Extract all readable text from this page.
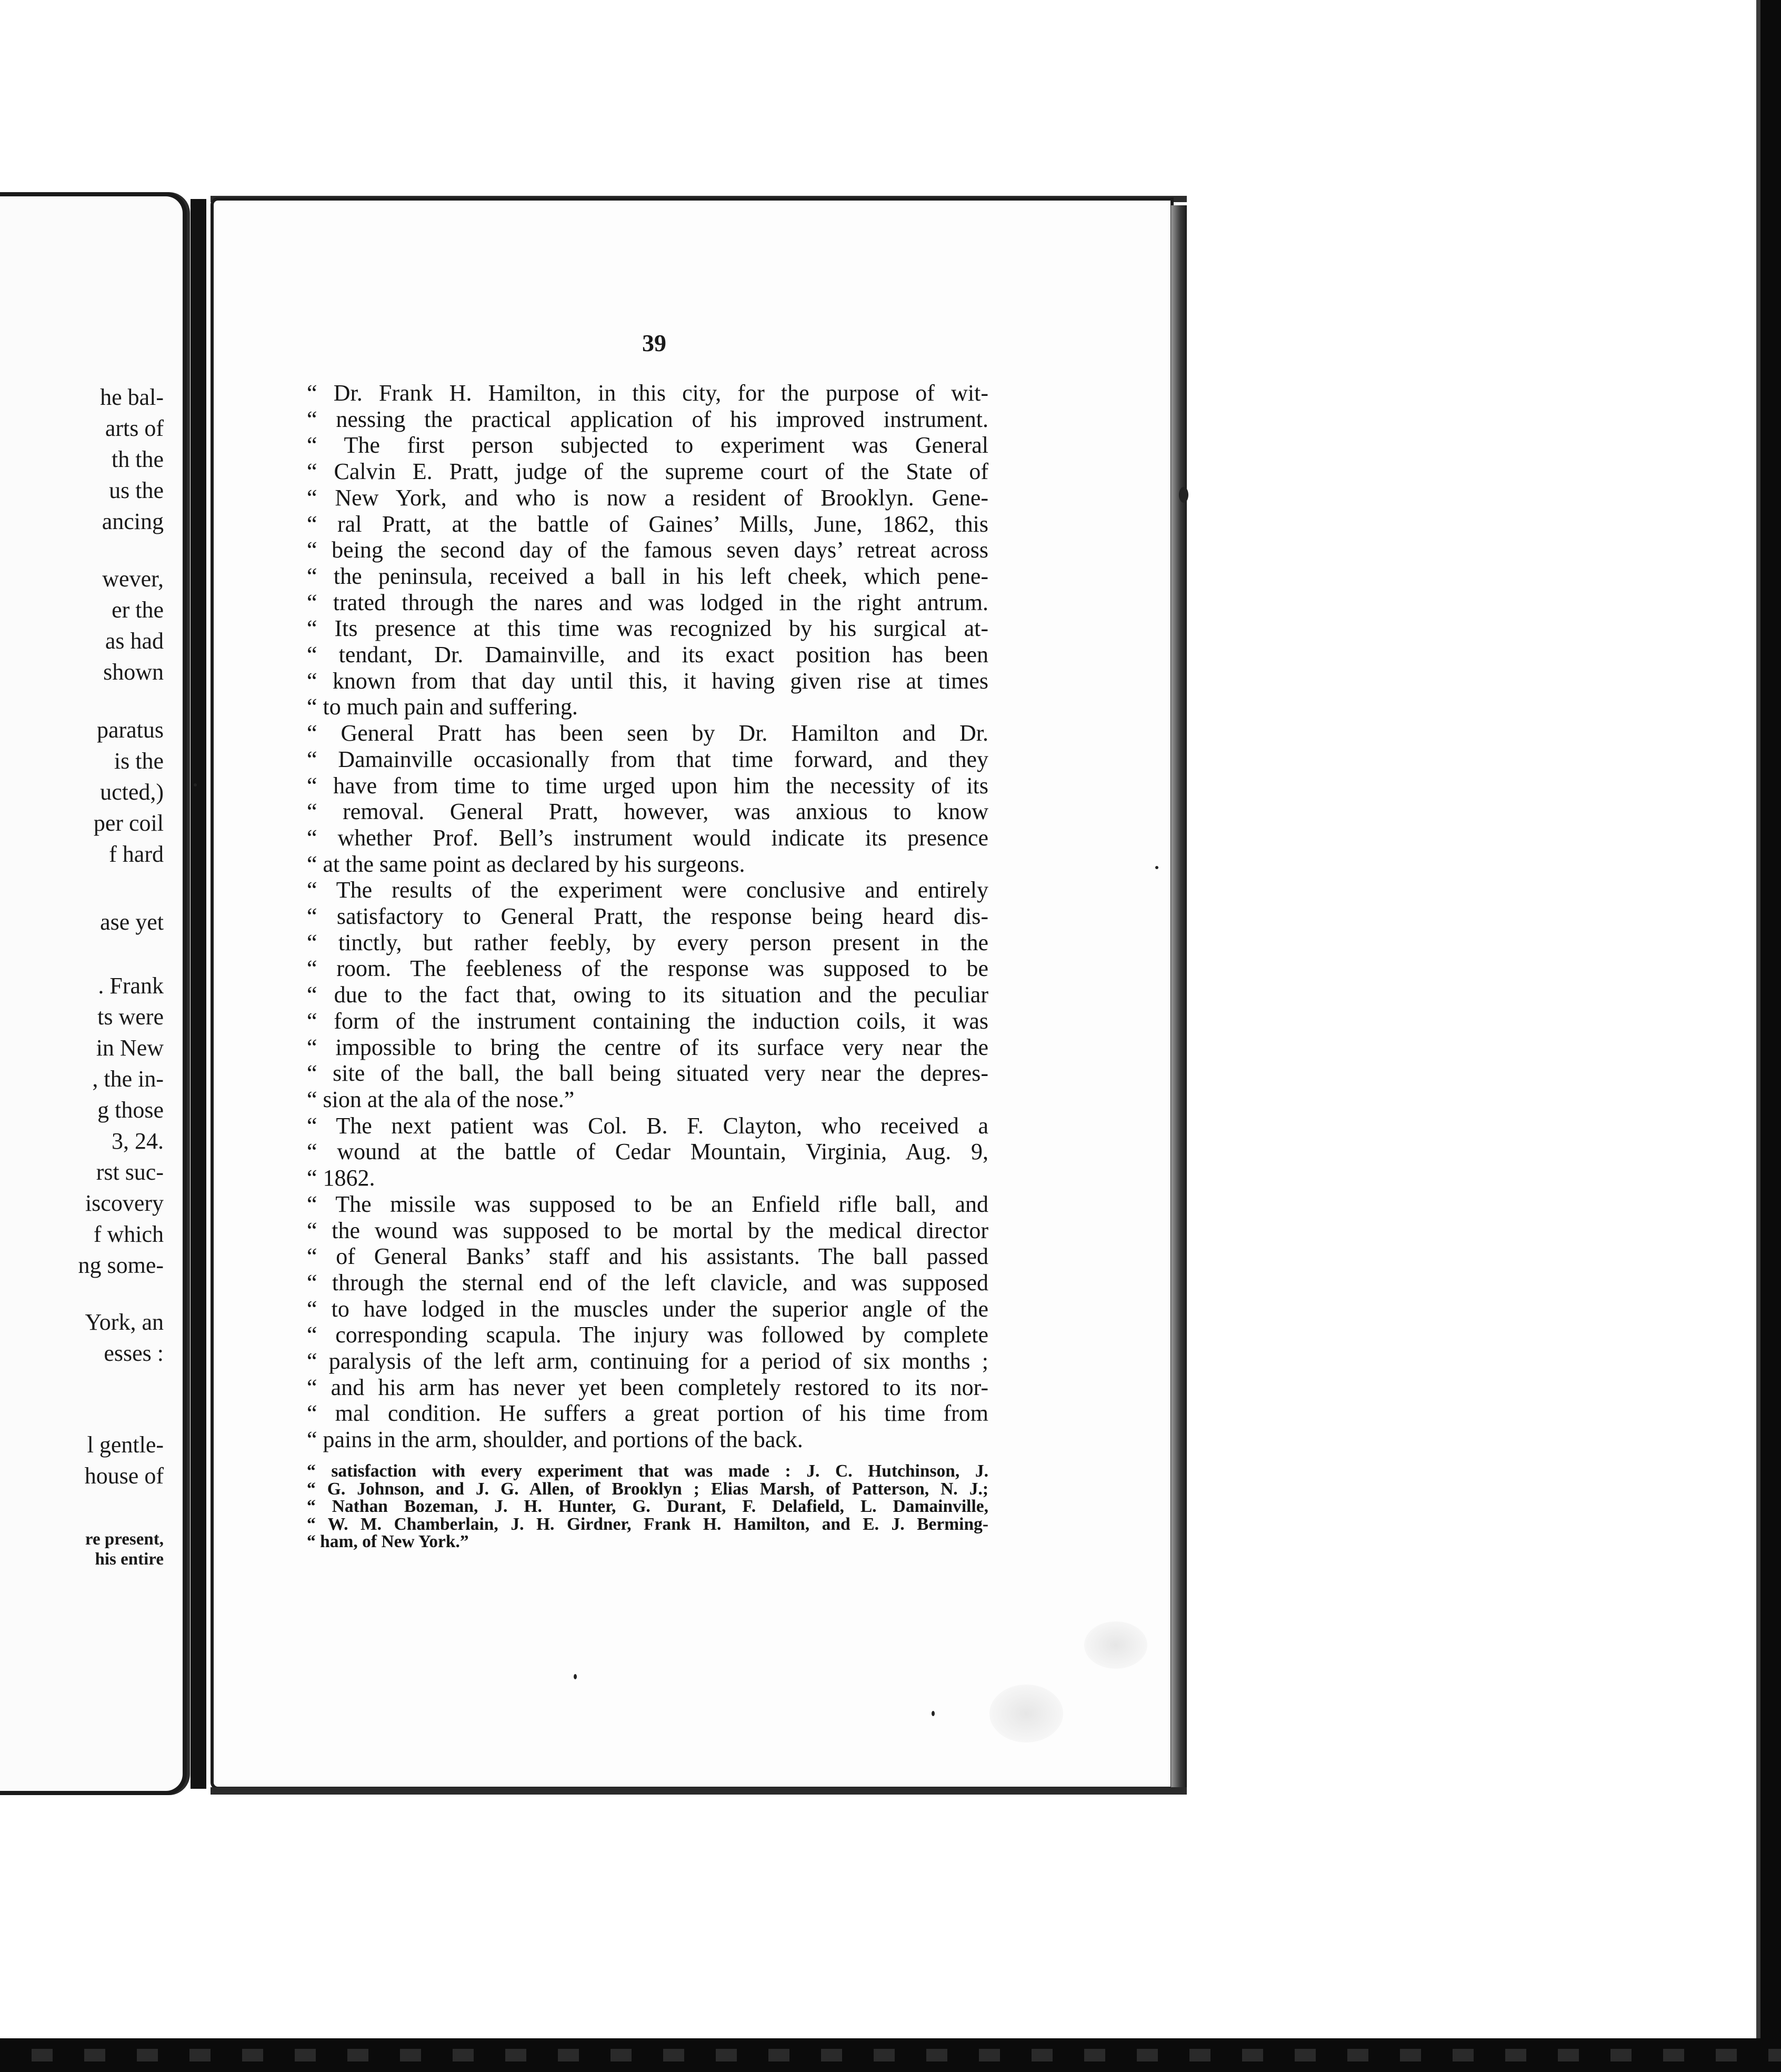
he bal-
arts of
th the
us the
ancing
wever,
er the
as had
shown
paratus
is the
ucted,)
per coil
f hard
ase yet
. Frank
ts were
in New
, the in-
g those
3, 24.
rst suc-
iscovery
f which
ng some-
York, an
esses :
l gentle-
house of
re present,
his entire
39
“ Dr. Frank H. Hamilton, in this city, for the purpose of wit-
“ nessing the practical application of his improved instrument.
“ The first person subjected to experiment was General
“ Calvin E. Pratt, judge of the supreme court of the State of
“ New York, and who is now a resident of Brooklyn. Gene-
“ ral Pratt, at the battle of Gaines’ Mills, June, 1862, this
“ being the second day of the famous seven days’ retreat across
“ the peninsula, received a ball in his left cheek, which pene-
“ trated through the nares and was lodged in the right antrum.
“ Its presence at this time was recognized by his surgical at-
“ tendant, Dr. Damainville, and its exact position has been
“ known from that day until this, it having given rise at times
“ to much pain and suffering.
“ General Pratt has been seen by Dr. Hamilton and Dr.
“ Damainville occasionally from that time forward, and they
“ have from time to time urged upon him the necessity of its
“ removal. General Pratt, however, was anxious to know
“ whether Prof. Bell’s instrument would indicate its presence
“ at the same point as declared by his surgeons.
“ The results of the experiment were conclusive and entirely
“ satisfactory to General Pratt, the response being heard dis-
“ tinctly, but rather feebly, by every person present in the
“ room. The feebleness of the response was supposed to be
“ due to the fact that, owing to its situation and the peculiar
“ form of the instrument containing the induction coils, it was
“ impossible to bring the centre of its surface very near the
“ site of the ball, the ball being situated very near the depres-
“ sion at the ala of the nose.”
“ The next patient was Col. B. F. Clayton, who received a
“ wound at the battle of Cedar Mountain, Virginia, Aug. 9,
“ 1862.
“ The missile was supposed to be an Enfield rifle ball, and
“ the wound was supposed to be mortal by the medical director
“ of General Banks’ staff and his assistants. The ball passed
“ through the sternal end of the left clavicle, and was supposed
“ to have lodged in the muscles under the superior angle of the
“ corresponding scapula. The injury was followed by complete
“ paralysis of the left arm, continuing for a period of six months ;
“ and his arm has never yet been completely restored to its nor-
“ mal condition. He suffers a great portion of his time from
“ pains in the arm, shoulder, and portions of the back.
“ satisfaction with every experiment that was made : J. C. Hutchinson, J.
“ G. Johnson, and J. G. Allen, of Brooklyn ; Elias Marsh, of Patterson, N. J.;
“ Nathan Bozeman, J. H. Hunter, G. Durant, F. Delafield, L. Damainville,
“ W. M. Chamberlain, J. H. Girdner, Frank H. Hamilton, and E. J. Berming-
“ ham, of New York.”
